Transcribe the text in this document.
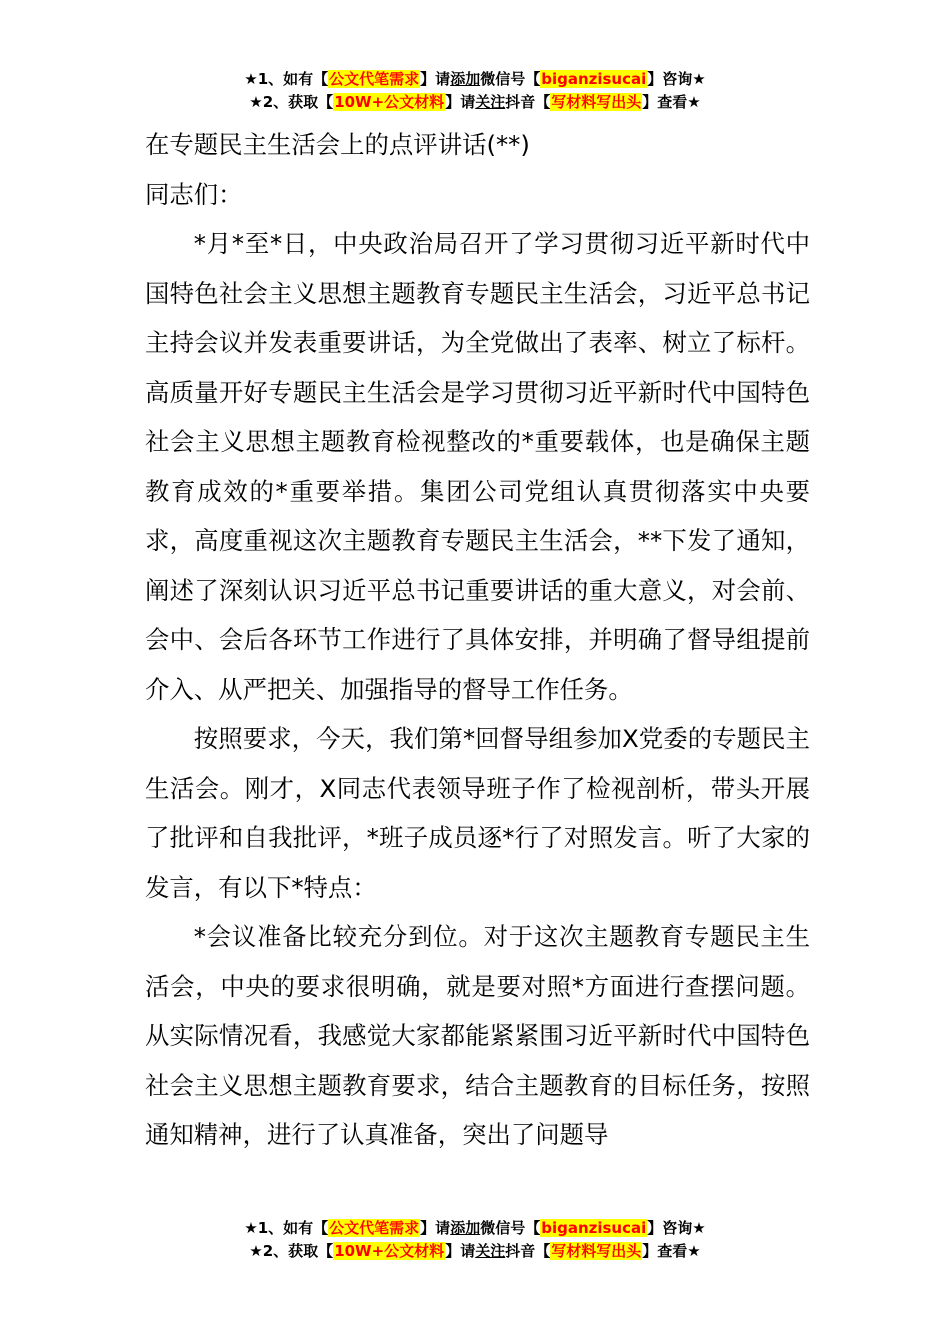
★1、如有【公文代笔需求】请添加微信号【biganzisucai】咨询★
★2、获取【10W+公文材料】请关注抖音【写材料写出头】查看★

在专题民主生活会上的点评讲话(**)

同志们：

*月*至*日，中央政治局召开了学习贯彻习近平新时代中国特色社会主义思想主题教育专题民主生活会，习近平总书记主持会议并发表重要讲话，为全党做出了表率、树立了标杆。高质量开好专题民主生活会是学习贯彻习近平新时代中国特色社会主义思想主题教育检视整改的*重要载体，也是确保主题教育成效的*重要举措。集团公司党组认真贯彻落实中央要求，高度重视这次主题教育专题民主生活会，**下发了通知，阐述了深刻认识习近平总书记重要讲话的重大意义，对会前、会中、会后各环节工作进行了具体安排，并明确了督导组提前介入、从严把关、加强指导的督导工作任务。

按照要求，今天，我们第*回督导组参加X党委的专题民主生活会。刚才，X同志代表领导班子作了检视剖析，带头开展了批评和自我批评，*班子成员逐*行了对照发言。听了大家的发言，有以下*特点：

*会议准备比较充分到位。对于这次主题教育专题民主生活会，中央的要求很明确，就是要对照*方面进行查摆问题。从实际情况看，我感觉大家都能紧紧围习近平新时代中国特色社会主义思想主题教育要求，结合主题教育的目标任务，按照通知精神，进行了认真准备，突出了问题导

★1、如有【公文代笔需求】请添加微信号【biganzisucai】咨询★
★2、获取【10W+公文材料】请关注抖音【写材料写出头】查看★
